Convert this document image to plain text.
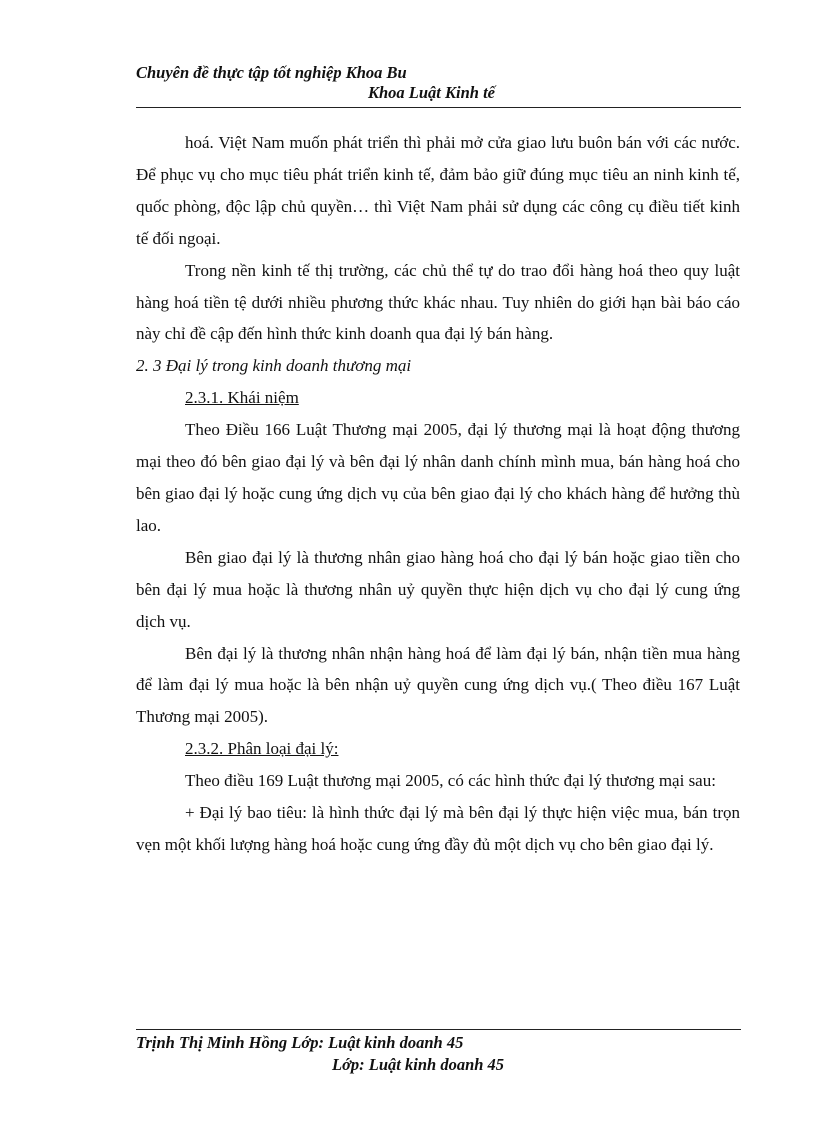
Chuyên đề thực tập tốt nghiệp Khoa Bu
Khoa Luật Kinh tế

hoá. Việt Nam muốn phát triển thì phải mở cửa giao lưu buôn bán với các nước. Để phục vụ cho mục tiêu phát triển kinh tế, đảm bảo giữ đúng mục tiêu an ninh kinh tế, quốc phòng, độc lập chủ quyền… thì Việt Nam phải sử dụng các công cụ điều tiết kinh tế đối ngoại.

Trong nền kinh tế thị trường, các chủ thể tự do trao đổi hàng hoá theo quy luật hàng hoá tiền tệ dưới nhiều phương thức khác nhau. Tuy nhiên do giới hạn bài báo cáo này chỉ đề cập đến hình thức kinh doanh qua đại lý bán hàng.

2. 3 Đại lý trong kinh doanh thương mại

2.3.1. Khái niệm

Theo Điều 166 Luật Thương mại 2005, đại lý thương mại là hoạt động thương mại theo đó bên giao đại lý và bên đại lý nhân danh chính mình mua, bán hàng hoá cho bên giao đại lý hoặc cung ứng dịch vụ của bên giao đại lý cho khách hàng để hưởng thù lao.

Bên giao đại lý là thương nhân giao hàng hoá cho đại lý bán hoặc giao tiền cho bên đại lý mua hoặc là thương nhân uỷ quyền thực hiện dịch vụ cho đại lý cung ứng dịch vụ.

Bên đại lý là thương nhân nhận hàng hoá để làm đại lý bán, nhận tiền mua hàng để làm đại lý mua hoặc là bên nhận uỷ quyền cung ứng dịch vụ.( Theo điều 167 Luật Thương mại 2005).

2.3.2. Phân loại đại lý:

Theo điều 169 Luật thương mại 2005, có các hình thức đại lý thương mại sau:

+ Đại lý bao tiêu: là hình thức đại lý mà bên đại lý thực hiện việc mua, bán trọn vẹn một khối lượng hàng hoá hoặc cung ứng đầy đủ một dịch vụ cho bên giao đại lý.

Trịnh Thị Minh Hồng Lớp: Luật kinh doanh 45
Lớp: Luật kinh doanh 45
